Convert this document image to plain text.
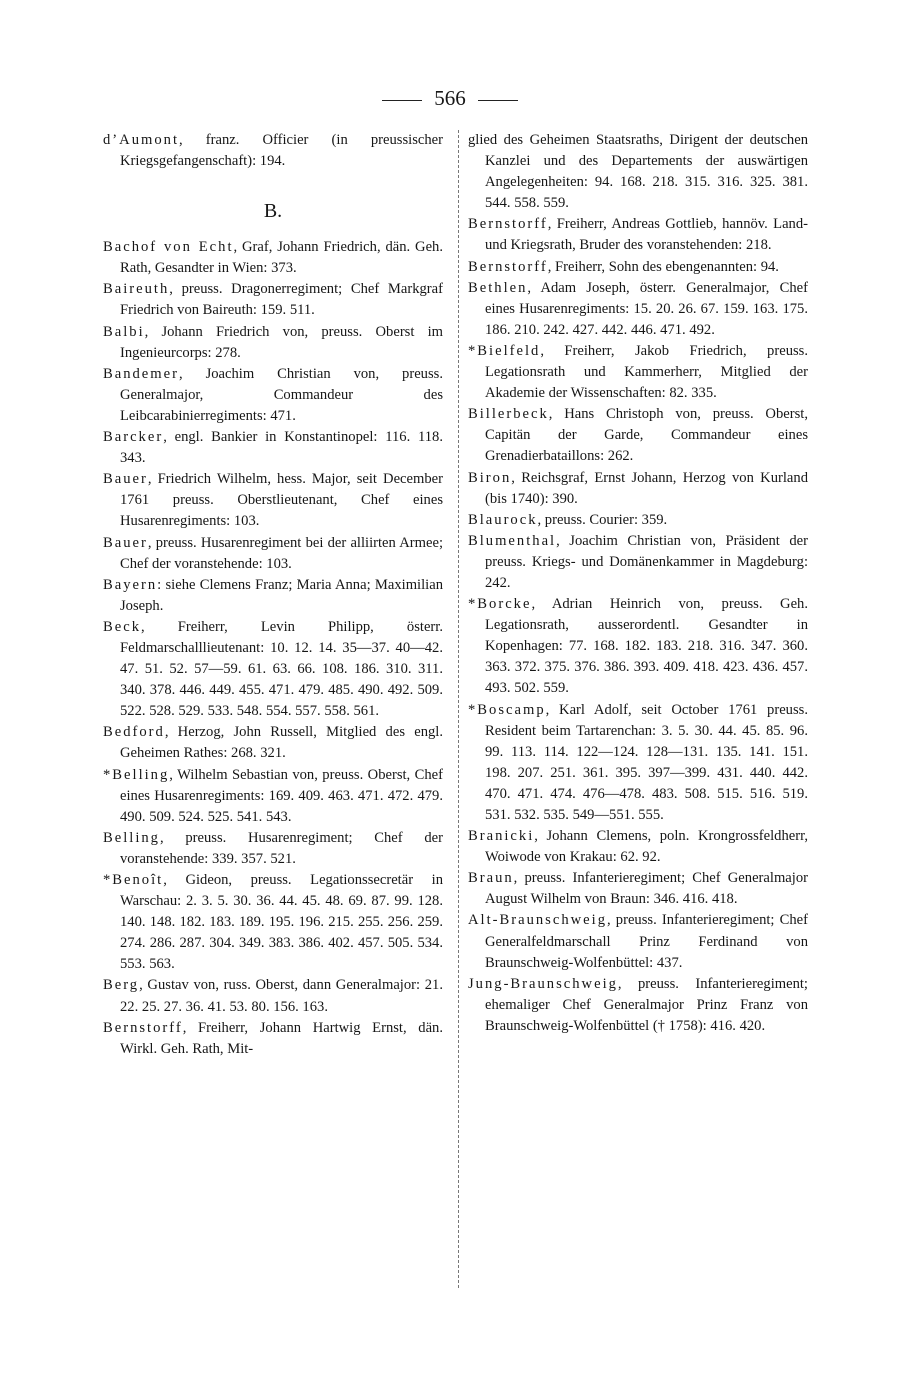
566
d’Aumont, franz. Officier (in preussischer Kriegsgefangenschaft): 194.
B.
Bachof von Echt, Graf, Johann Friedrich, dän. Geh. Rath, Gesandter in Wien: 373.
Baireuth, preuss. Dragonerregiment; Chef Markgraf Friedrich von Baireuth: 159. 511.
Balbi, Johann Friedrich von, preuss. Oberst im Ingenieurcorps: 278.
Bandemer, Joachim Christian von, preuss. Generalmajor, Commandeur des Leibcarabinierregiments: 471.
Barcker, engl. Bankier in Konstantinopel: 116. 118. 343.
Bauer, Friedrich Wilhelm, hess. Major, seit December 1761 preuss. Oberstlieutenant, Chef eines Husarenregiments: 103.
Bauer, preuss. Husarenregiment bei der alliirten Armee; Chef der voranstehende: 103.
Bayern: siehe Clemens Franz; Maria Anna; Maximilian Joseph.
Beck, Freiherr, Levin Philipp, österr. Feldmarschalllieutenant: 10. 12. 14. 35—37. 40—42. 47. 51. 52. 57—59. 61. 63. 66. 108. 186. 310. 311. 340. 378. 446. 449. 455. 471. 479. 485. 490. 492. 509. 522. 528. 529. 533. 548. 554. 557. 558. 561.
Bedford, Herzog, John Russell, Mitglied des engl. Geheimen Rathes: 268. 321.
*Belling, Wilhelm Sebastian von, preuss. Oberst, Chef eines Husarenregiments: 169. 409. 463. 471. 472. 479. 490. 509. 524. 525. 541. 543.
Belling, preuss. Husarenregiment; Chef der voranstehende: 339. 357. 521.
*Benoît, Gideon, preuss. Legationssecretär in Warschau: 2. 3. 5. 30. 36. 44. 45. 48. 69. 87. 99. 128. 140. 148. 182. 183. 189. 195. 196. 215. 255. 256. 259. 274. 286. 287. 304. 349. 383. 386. 402. 457. 505. 534. 553. 563.
Berg, Gustav von, russ. Oberst, dann Generalmajor: 21. 22. 25. 27. 36. 41. 53. 80. 156. 163.
Bernstorff, Freiherr, Johann Hartwig Ernst, dän. Wirkl. Geh. Rath, Mit-
glied des Geheimen Staatsraths, Dirigent der deutschen Kanzlei und des Departements der auswärtigen Angelegenheiten: 94. 168. 218. 315. 316. 325. 381. 544. 558. 559.
Bernstorff, Freiherr, Andreas Gottlieb, hannöv. Land- und Kriegsrath, Bruder des voranstehenden: 218.
Bernstorff, Freiherr, Sohn des ebengenannten: 94.
Bethlen, Adam Joseph, österr. Generalmajor, Chef eines Husarenregiments: 15. 20. 26. 67. 159. 163. 175. 186. 210. 242. 427. 442. 446. 471. 492.
*Bielfeld, Freiherr, Jakob Friedrich, preuss. Legationsrath und Kammerherr, Mitglied der Akademie der Wissenschaften: 82. 335.
Billerbeck, Hans Christoph von, preuss. Oberst, Capitän der Garde, Commandeur eines Grenadierbataillons: 262.
Biron, Reichsgraf, Ernst Johann, Herzog von Kurland (bis 1740): 390.
Blaurock, preuss. Courier: 359.
Blumenthal, Joachim Christian von, Präsident der preuss. Kriegs- und Domänenkammer in Magdeburg: 242.
*Borcke, Adrian Heinrich von, preuss. Geh. Legationsrath, ausserordentl. Gesandter in Kopenhagen: 77. 168. 182. 183. 218. 316. 347. 360. 363. 372. 375. 376. 386. 393. 409. 418. 423. 436. 457. 493. 502. 559.
*Boscamp, Karl Adolf, seit October 1761 preuss. Resident beim Tartarenchan: 3. 5. 30. 44. 45. 85. 96. 99. 113. 114. 122—124. 128—131. 135. 141. 151. 198. 207. 251. 361. 395. 397—399. 431. 440. 442. 470. 471. 474. 476—478. 483. 508. 515. 516. 519. 531. 532. 535. 549—551. 555.
Branicki, Johann Clemens, poln. Krongrossfeldherr, Woiwode von Krakau: 62. 92.
Braun, preuss. Infanterieregiment; Chef Generalmajor August Wilhelm von Braun: 346. 416. 418.
Alt-Braunschweig, preuss. Infanterieregiment; Chef Generalfeldmarschall Prinz Ferdinand von Braunschweig-Wolfenbüttel: 437.
Jung-Braunschweig, preuss. Infanterieregiment; ehemaliger Chef Generalmajor Prinz Franz von Braunschweig-Wolfenbüttel († 1758): 416. 420.
